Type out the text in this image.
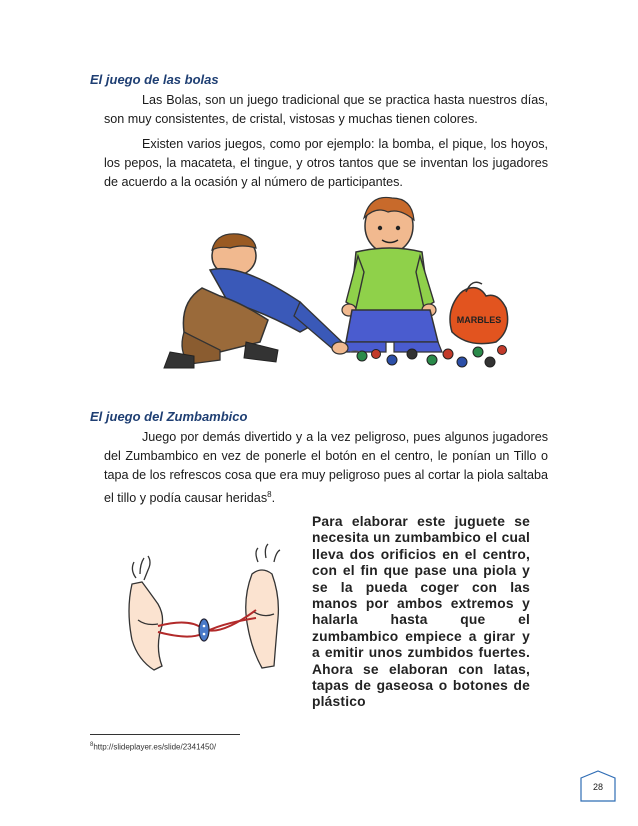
El juego de las bolas

Las Bolas, son un juego tradicional que se practica hasta nuestros días, son muy consistentes, de cristal, vistosas y muchas tienen colores.

Existen varios juegos, como por ejemplo: la bomba, el pique, los hoyos, los pepos, la macateta, el tingue, y otros tantos que se inventan los jugadores de acuerdo a la ocasión y al número de participantes.

MARBLES
El juego del Zumbambico

Juego por demás divertido y a la vez peligroso, pues algunos jugadores del Zumbambico en vez de ponerle el botón en el centro, le ponían un Tillo o tapa de los refrescos cosa que era muy peligroso pues al cortar la piola saltaba el tillo y podía causar heridas$^8$.

Para elaborar este juguete se necesita un zumbambico el cual lleva dos orificios en el centro, con el fin que pase una piola y se la pueda coger con las manos por ambos extremos y halarla hasta que el zumbambico empiece a girar y a emitir unos zumbidos fuertes. Ahora se elaboran con latas, tapas de gaseosa o botones de plástico

$^8$http://slideplayer.es/slide/2341450/

28
